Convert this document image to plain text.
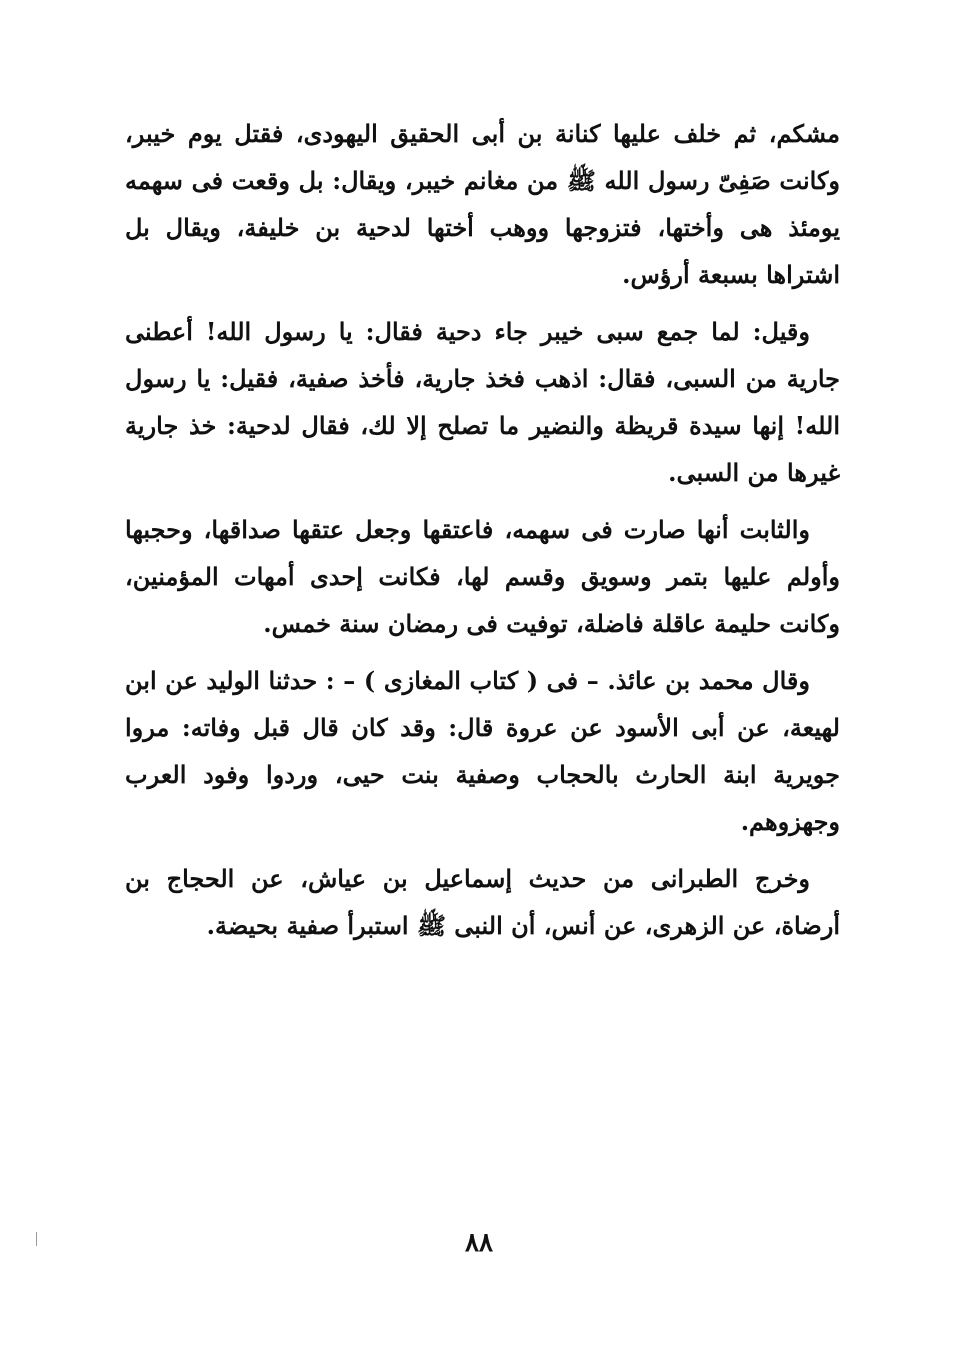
مشكم، ثم خلف عليها كنانة بن أبى الحقيق اليهودى، فقتل يوم خيبر، وكانت صَفِىّ رسول الله ﷺ من مغانم خيبر، ويقال: بل وقعت فى سهمه يومئذ هى وأختها، فتزوجها ووهب أختها لدحية بن خليفة، ويقال بل اشتراها بسبعة أرؤس.

وقيل: لما جمع سبى خيبر جاء دحية فقال: يا رسول الله! أعطنى جارية من السبى، فقال: اذهب فخذ جارية، فأخذ صفية، فقيل: يا رسول الله! إنها سيدة قريظة والنضير ما تصلح إلا لك، فقال لدحية: خذ جارية غيرها من السبى.

والثابت أنها صارت فى سهمه، فاعتقها وجعل عتقها صداقها، وحجبها وأولم عليها بتمر وسويق وقسم لها، فكانت إحدى أمهات المؤمنين، وكانت حليمة عاقلة فاضلة، توفيت فى رمضان سنة خمس.

وقال محمد بن عائذ. – فى ( كتاب المغازى ) – : حدثنا الوليد عن ابن لهيعة، عن أبى الأسود عن عروة قال: وقد كان قال قبل وفاته: مروا جويرية ابنة الحارث بالحجاب وصفية بنت حيى، وردوا وفود العرب وجهزوهم.

وخرج الطبرانى من حديث إسماعيل بن عياش، عن الحجاج بن أرضاة، عن الزهرى، عن أنس، أن النبى ﷺ استبرأ صفية بحيضة.

٨٨
